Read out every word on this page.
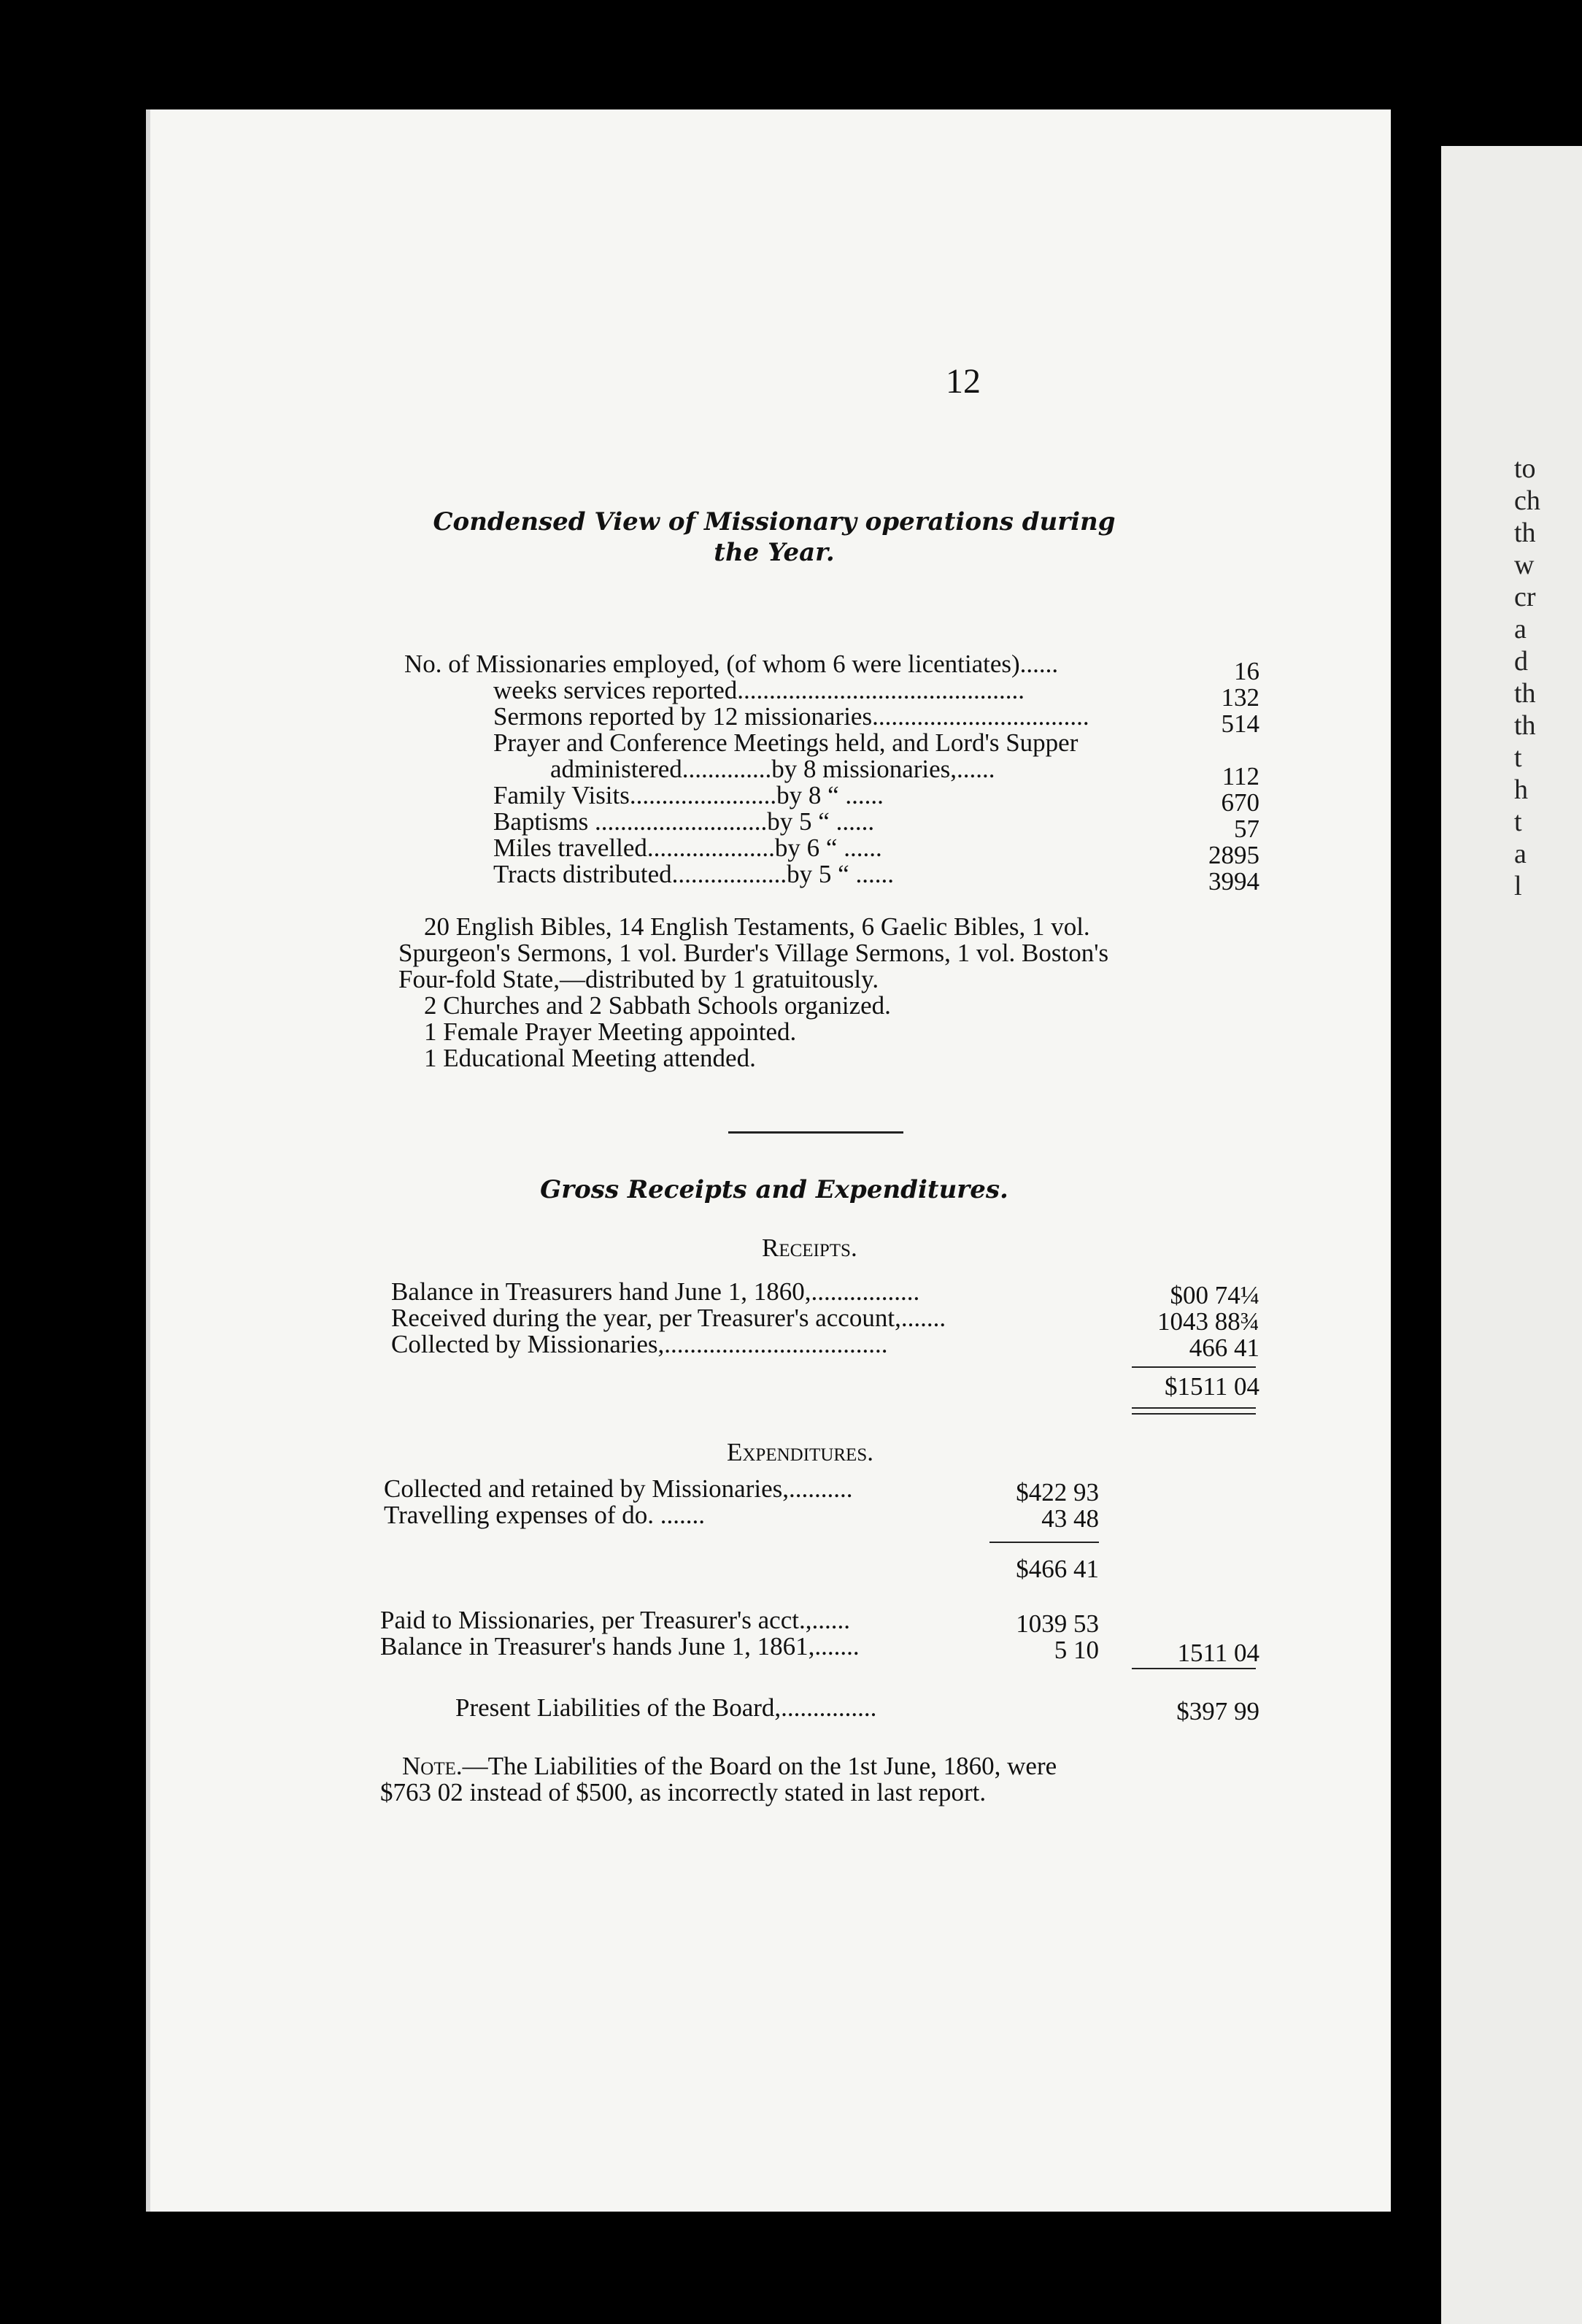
12
Condensed View of Missionary operations during
the Year.
No. of Missionaries employed, (of whom 6 were licentiates)......	16
weeks services reported.............................................	132
Sermons reported by 12 missionaries..................................	514
Prayer and Conference Meetings held, and Lord's Supper
administered..............by 8 missionaries,......	112
Family Visits.......................by 8 “ ......	670
Baptisms ...........................by 5 “ ......	57
Miles travelled....................by 6 “ ......	2895
Tracts distributed..................by 5 “ ......	3994
20 English Bibles, 14 English Testaments, 6 Gaelic Bibles, 1 vol.
Spurgeon's Sermons, 1 vol. Burder's Village Sermons, 1 vol. Boston's
Four-fold State,—distributed by 1 gratuitously.
2 Churches and 2 Sabbath Schools organized.
1 Female Prayer Meeting appointed.
1 Educational Meeting attended.
Gross Receipts and Expenditures.
Receipts.
Balance in Treasurers hand June 1, 1860,.................	$00 74¼
Received during the year, per Treasurer's account,.......	1043 88¾
Collected by Missionaries,...................................	466 41
$1511 04
Expenditures.
Collected and retained by Missionaries,..........	$422 93
Travelling expenses of do. .......	43 48
$466 41
Paid to Missionaries, per Treasurer's acct.,......	1039 53
Balance in Treasurer's hands June 1, 1861,.......	5 10	1511 04
Present Liabilities of the Board,...............	$397 99
Note.—The Liabilities of the Board on the 1st June, 1860, were
$763 02 instead of $500, as incorrectly stated in last report.
to
ch
th
w
cr
a
d
th
th
t
h
t
a
l
